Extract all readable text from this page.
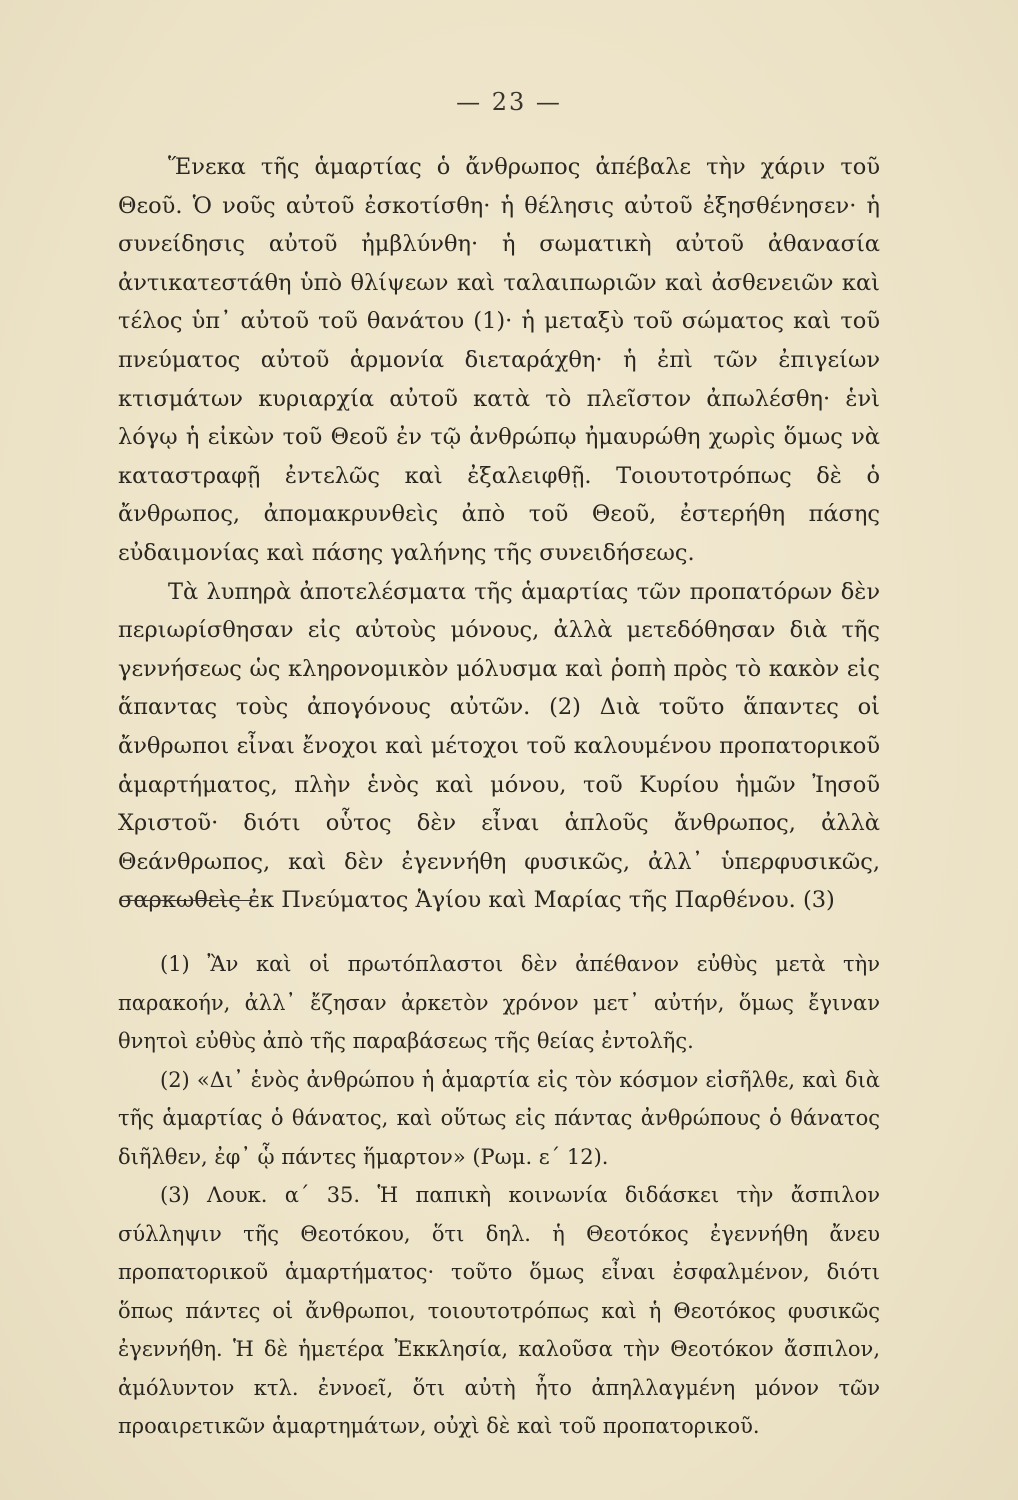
— 23 —

Ἕνεκα τῆς ἁμαρτίας ὁ ἄνθρωπος ἀπέβαλε τὴν χάριν τοῦ Θεοῦ. Ὁ νοῦς αὐτοῦ ἐσκοτίσθη· ἡ θέλησις αὐτοῦ ἐξησθένησεν· ἡ συνείδησις αὐτοῦ ἠμβλύνθη· ἡ σωματικὴ αὐτοῦ ἀθανασία ἀντικατεστάθη ὑπὸ θλίψεων καὶ ταλαιπωριῶν καὶ ἀσθενειῶν καὶ τέλος ὑπ᾿ αὐτοῦ τοῦ θανάτου (1)· ἡ μεταξὺ τοῦ σώματος καὶ τοῦ πνεύματος αὐτοῦ ἁρμονία διεταράχθη· ἡ ἐπὶ τῶν ἐπιγείων κτισμάτων κυριαρχία αὐτοῦ κατὰ τὸ πλεῖστον ἀπωλέσθη· ἑνὶ λόγῳ ἡ εἰκὼν τοῦ Θεοῦ ἐν τῷ ἀνθρώπῳ ἠμαυρώθη χωρὶς ὅμως νὰ καταστραφῇ ἐντελῶς καὶ ἐξαλειφθῇ. Τοιουτοτρόπως δὲ ὁ ἄνθρωπος, ἀπομακρυνθεὶς ἀπὸ τοῦ Θεοῦ, ἐστερήθη πάσης εὐδαιμονίας καὶ πάσης γαλήνης τῆς συνειδήσεως.

Τὰ λυπηρὰ ἀποτελέσματα τῆς ἁμαρτίας τῶν προπατόρων δὲν περιωρίσθησαν εἰς αὐτοὺς μόνους, ἀλλὰ μετεδόθησαν διὰ τῆς γεννήσεως ὡς κληρονομικὸν μόλυσμα καὶ ῥοπὴ πρὸς τὸ κακὸν εἰς ἅπαντας τοὺς ἀπογόνους αὐτῶν. (2) Διὰ τοῦτο ἅπαντες οἱ ἄνθρωποι εἶναι ἔνοχοι καὶ μέτοχοι τοῦ καλουμένου προπατορικοῦ ἁμαρτήματος, πλὴν ἑνὸς καὶ μόνου, τοῦ Κυρίου ἡμῶν Ἰησοῦ Χριστοῦ· διότι οὗτος δὲν εἶναι ἁπλοῦς ἄνθρωπος, ἀλλὰ Θεάνθρωπος, καὶ δὲν ἐγεννήθη φυσικῶς, ἀλλ᾿ ὑπερφυσικῶς, σαρκωθεὶς ἐκ Πνεύματος Ἁγίου καὶ Μαρίας τῆς Παρθένου. (3)

(1) Ἂν καὶ οἱ πρωτόπλαστοι δὲν ἀπέθανον εὐθὺς μετὰ τὴν παρακοήν, ἀλλ᾿ ἔζησαν ἀρκετὸν χρόνον μετ᾿ αὐτήν, ὅμως ἔγιναν θνητοὶ εὐθὺς ἀπὸ τῆς παραβάσεως τῆς θείας ἐντολῆς.

(2) «Δι᾿ ἑνὸς ἀνθρώπου ἡ ἁμαρτία εἰς τὸν κόσμον εἰσῆλθε, καὶ διὰ τῆς ἁμαρτίας ὁ θάνατος, καὶ οὕτως εἰς πάντας ἀνθρώπους ὁ θάνατος διῆλθεν, ἐφ᾿ ᾧ πάντες ἥμαρτον» (Ρωμ. ε΄ 12).

(3) Λουκ. α΄ 35. Ἡ παπικὴ κοινωνία διδάσκει τὴν ἄσπιλον σύλληψιν τῆς Θεοτόκου, ὅτι δηλ. ἡ Θεοτόκος ἐγεννήθη ἄνευ προπατορικοῦ ἁμαρτήματος· τοῦτο ὅμως εἶναι ἐσφαλμένον, διότι ὅπως πάντες οἱ ἄνθρωποι, τοιουτοτρόπως καὶ ἡ Θεοτόκος φυσικῶς ἐγεννήθη. Ἡ δὲ ἡμετέρα Ἐκκλησία, καλοῦσα τὴν Θεοτόκον ἄσπιλον, ἀμόλυντον κτλ. ἐννοεῖ, ὅτι αὐτὴ ἦτο ἀπηλλαγμένη μόνον τῶν προαιρετικῶν ἁμαρτημάτων, οὐχὶ δὲ καὶ τοῦ προπατορικοῦ.
